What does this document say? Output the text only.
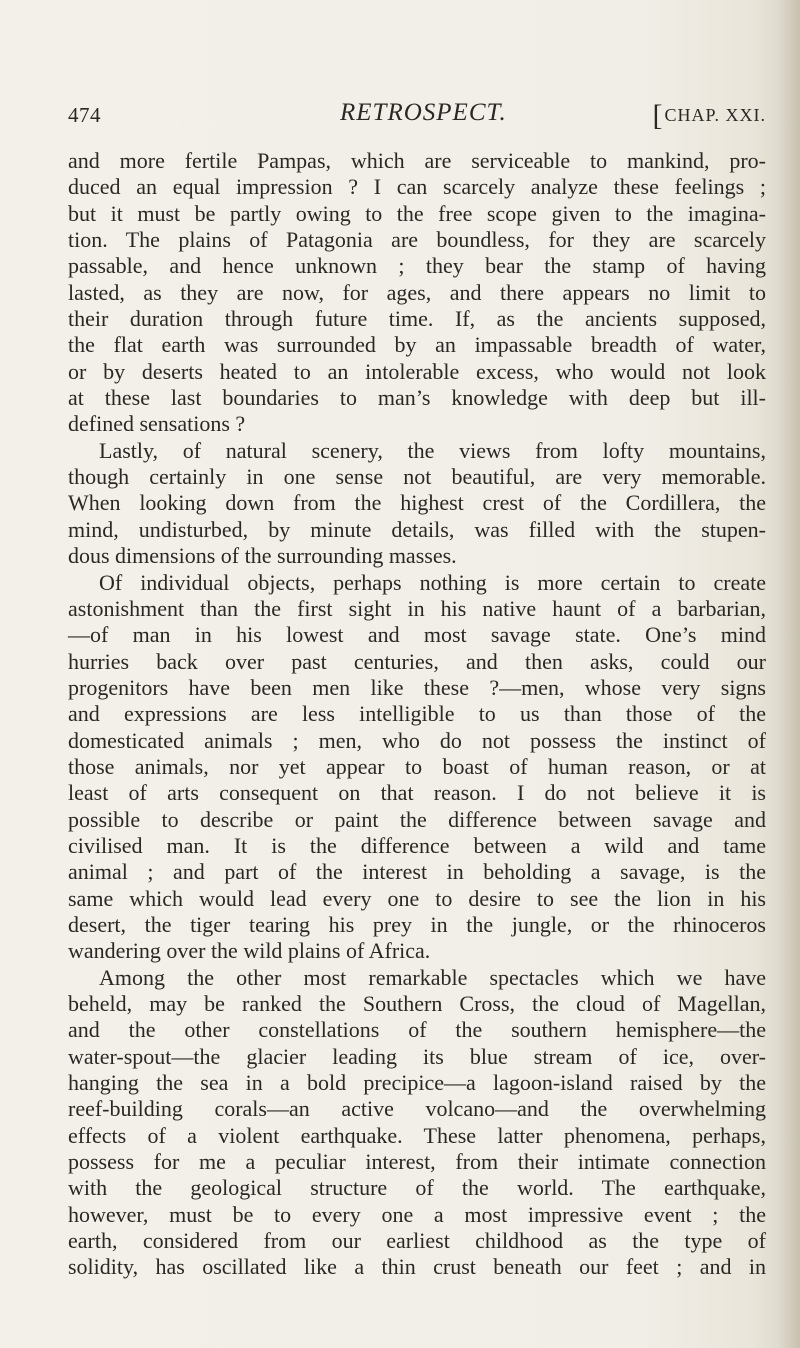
474	RETROSPECT.	[CHAP. XXI.
and more fertile Pampas, which are serviceable to mankind, pro-
duced an equal impression ? I can scarcely analyze these feelings ;
but it must be partly owing to the free scope given to the imagina-
tion. The plains of Patagonia are boundless, for they are scarcely
passable, and hence unknown ; they bear the stamp of having
lasted, as they are now, for ages, and there appears no limit to
their duration through future time. If, as the ancients supposed,
the flat earth was surrounded by an impassable breadth of water,
or by deserts heated to an intolerable excess, who would not look
at these last boundaries to man’s knowledge with deep but ill-
defined sensations ?
Lastly, of natural scenery, the views from lofty mountains,
though certainly in one sense not beautiful, are very memorable.
When looking down from the highest crest of the Cordillera, the
mind, undisturbed, by minute details, was filled with the stupen-
dous dimensions of the surrounding masses.
Of individual objects, perhaps nothing is more certain to create
astonishment than the first sight in his native haunt of a barbarian,
—of man in his lowest and most savage state. One’s mind
hurries back over past centuries, and then asks, could our
progenitors have been men like these ?—men, whose very signs
and expressions are less intelligible to us than those of the
domesticated animals ; men, who do not possess the instinct of
those animals, nor yet appear to boast of human reason, or at
least of arts consequent on that reason. I do not believe it is
possible to describe or paint the difference between savage and
civilised man. It is the difference between a wild and tame
animal ; and part of the interest in beholding a savage, is the
same which would lead every one to desire to see the lion in his
desert, the tiger tearing his prey in the jungle, or the rhinoceros
wandering over the wild plains of Africa.
Among the other most remarkable spectacles which we have
beheld, may be ranked the Southern Cross, the cloud of Magellan,
and the other constellations of the southern hemisphere—the
water-spout—the glacier leading its blue stream of ice, over-
hanging the sea in a bold precipice—a lagoon-island raised by the
reef-building corals—an active volcano—and the overwhelming
effects of a violent earthquake. These latter phenomena, perhaps,
possess for me a peculiar interest, from their intimate connection
with the geological structure of the world. The earthquake,
however, must be to every one a most impressive event ; the
earth, considered from our earliest childhood as the type of
solidity, has oscillated like a thin crust beneath our feet ; and in
